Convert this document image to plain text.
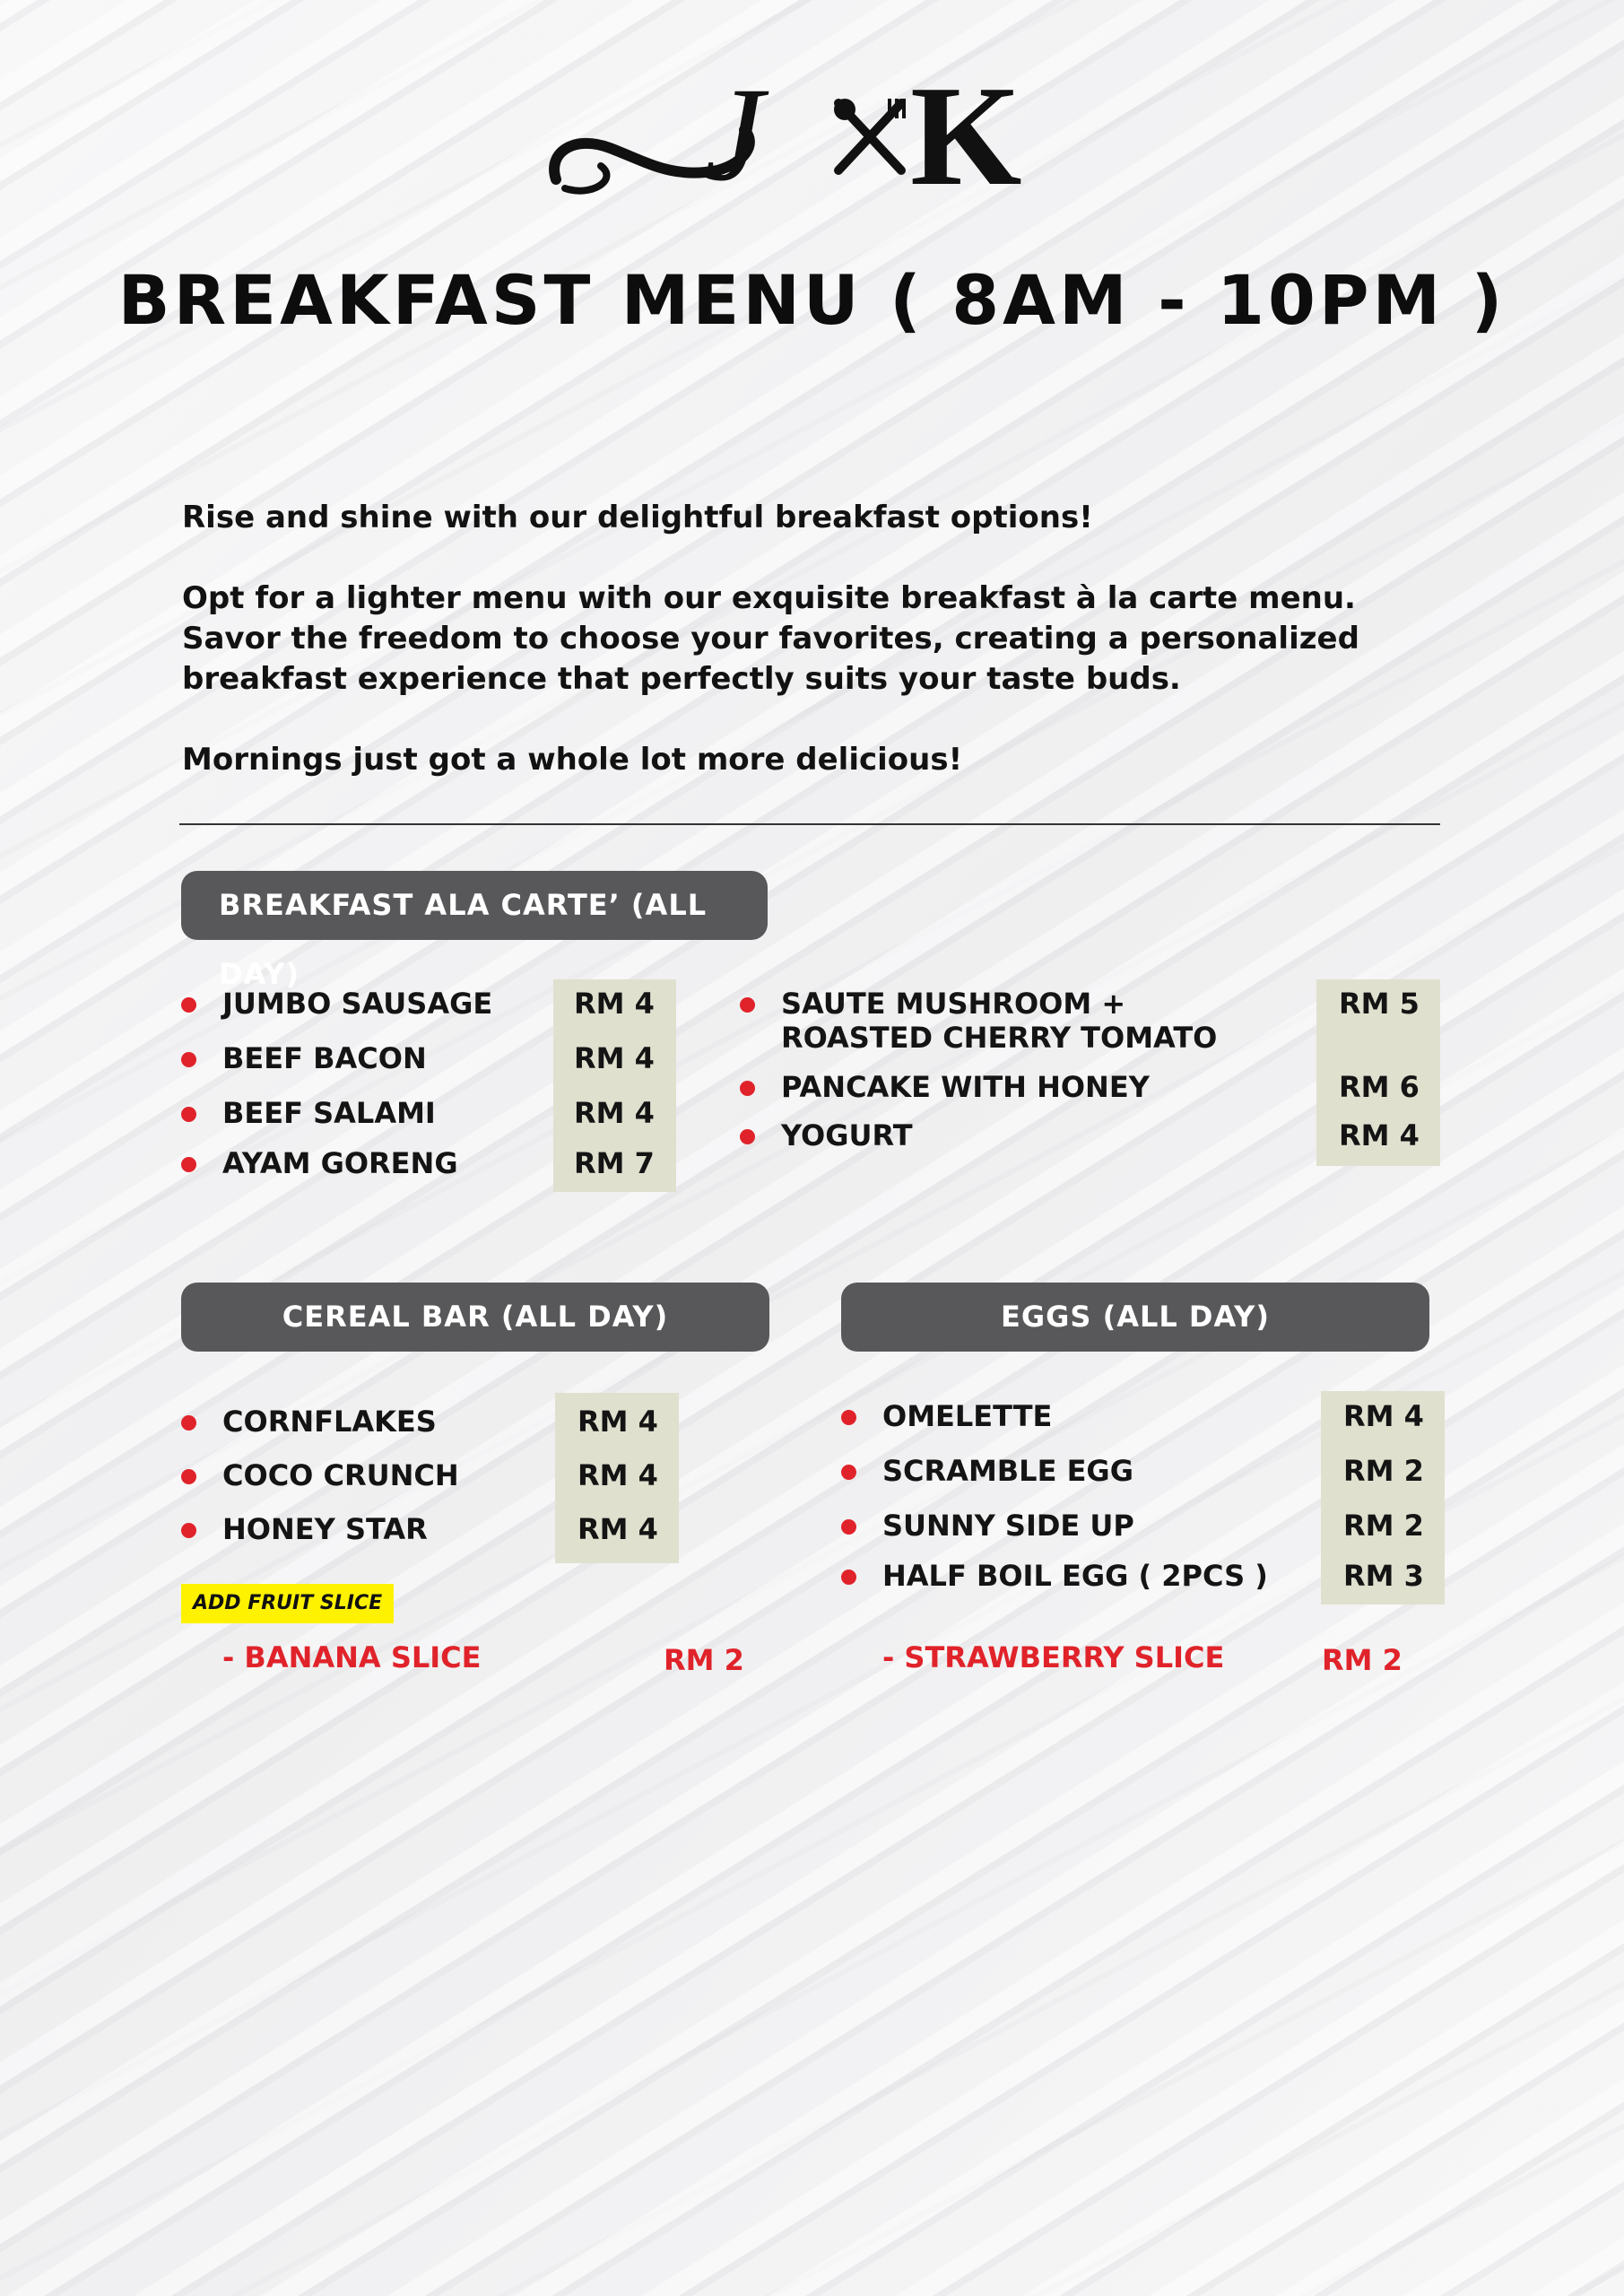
J K
BREAKFAST MENU ( 8AM - 10PM )

Rise and shine with our delightful breakfast options!

Opt for a lighter menu with our exquisite breakfast à la carte menu.

Savor the freedom to choose your favorites, creating a personalized

breakfast experience that perfectly suits your taste buds.

Mornings just got a whole lot more delicious!

BREAKFAST ALA CARTE’ (ALL DAY)
JUMBO SAUSAGE
BEEF BACON
BEEF SALAMI
AYAM GORENG
RM 4
RM 4
RM 4
RM 7
SAUTE MUSHROOM +
ROASTED CHERRY TOMATO
PANCAKE WITH HONEY
YOGURT
RM 5
RM 6
RM 4
CEREAL BAR (ALL DAY)
CORNFLAKES
COCO CRUNCH
HONEY STAR
RM 4
RM 4
RM 4
ADD FRUIT SLICE
- BANANA SLICE	RM 2
EGGS (ALL DAY)
OMELETTE
SCRAMBLE EGG
SUNNY SIDE UP
HALF BOIL EGG ( 2PCS )
RM 4
RM 2
RM 2
RM 3
- STRAWBERRY SLICE	RM 2
